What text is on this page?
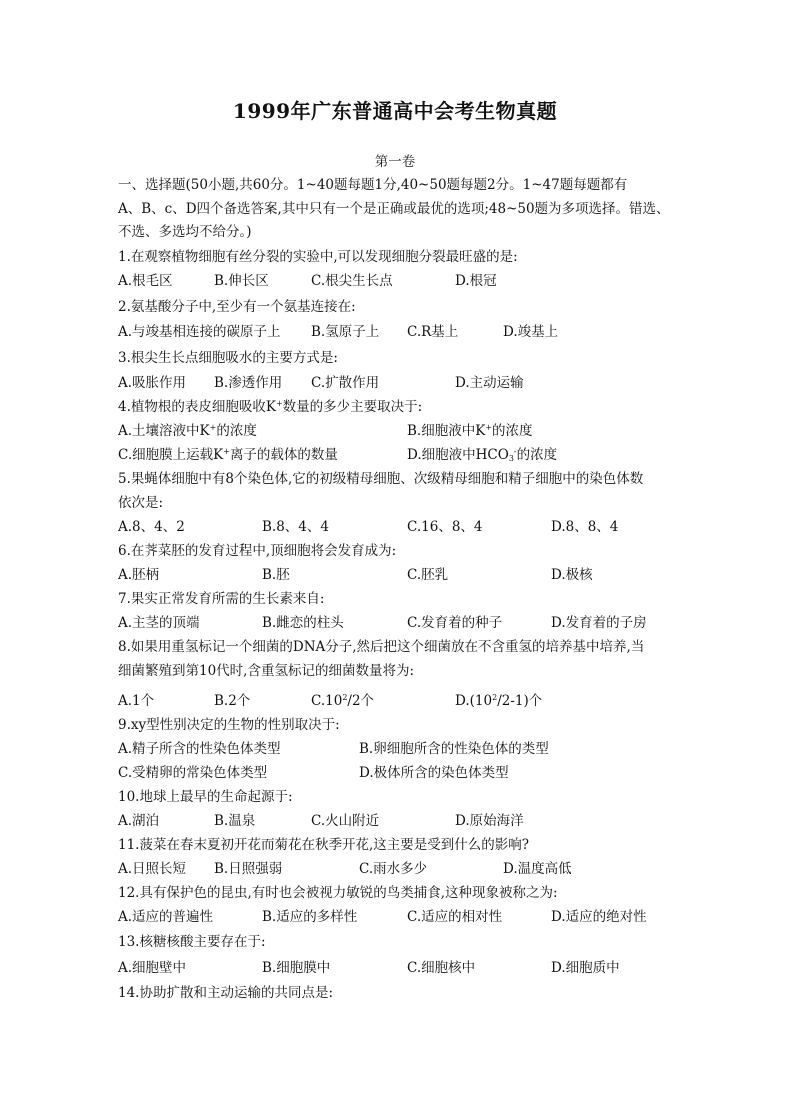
1999年广东普通高中会考生物真题
第一卷
一、选择题(50小题,共60分。1~40题每题1分,40~50题每题2分。1~47题每题都有
A、B、c、D四个备选答案,其中只有一个是正确或最优的选项;48~50题为多项选择。错选、
不选、多选均不给分。)
1.在观察植物细胞有丝分裂的实验中,可以发现细胞分裂最旺盛的是:
A.根毛区	B.伸长区	C.根尖生长点	D.根冠
2.氨基酸分子中,至少有一个氨基连接在:
A.与竣基相连接的碳原子上 B.氢原子上 C.R基上	D.竣基上
3.根尖生长点细胞吸水的主要方式是:
A.吸胀作用 B.渗透作用 C.扩散作用	D.主动运输
4.植物根的表皮细胞吸收K+数量的多少主要取决于:
A.土壤溶液中K+的浓度	B.细胞液中K+的浓度
C.细胞膜上运载K+离子的载体的数量	D.细胞液中$HCO_3^-$的浓度
5.果蝇体细胞中有8个染色体,它的初级精母细胞、次级精母细胞和精子细胞中的染色体数
依次是:
A.8、4、2	B.8、4、4	C.16、8、4	D.8、8、4
6.在荠菜胚的发育过程中,顶细胞将会发育成为:
A.胚柄	B.胚	C.胚乳	D.极核
7.果实正常发育所需的生长素来自:
A.主茎的顶端	B.雌恋的柱头	C.发育着的种子	D.发育着的子房
8.如果用重氢标记一个细菌的DNA分子,然后把这个细菌放在不含重氢的培养基中培养,当
细菌繁殖到第10代时,含重氢标记的细菌数量将为:
A.1个	B.2个	$C.10^2/2$个	$D.(10^2/2-1)$个
9.xy型性别决定的生物的性别取决于:
A.精子所含的性染色体类型	B.卵细胞所含的性染色体的类型
C.受精卵的常染色体类型	D.极体所含的染色体类型
10.地球上最早的生命起源于:
A.湖泊	B.温泉	C.火山附近	D.原始海洋
11.菠菜在春末夏初开花而菊花在秋季开花,这主要是受到什么的影响?
A.日照长短 B.日照强弱	C.雨水多少	D.温度高低
12.具有保护色的昆虫,有时也会被视力敏锐的鸟类捕食,这种现象被称之为:
A.适应的普遍性	B.适应的多样性	C.适应的相对性	D.适应的绝对性
13.核糖核酸主要存在于:
A.细胞壁中	B.细胞膜中	C.细胞核中	D.细胞质中
14.协助扩散和主动运输的共同点是:
